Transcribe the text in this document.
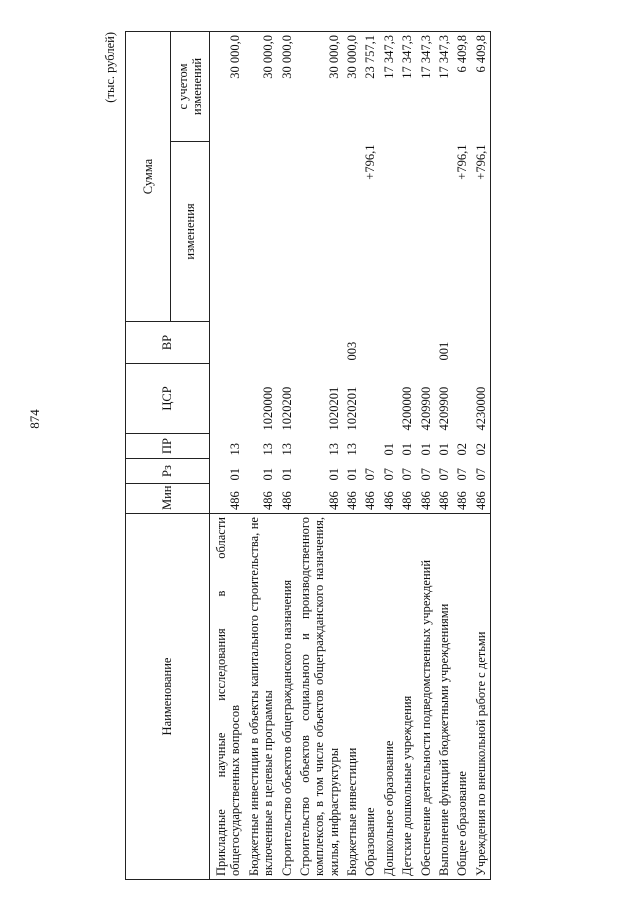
874
(тыс. рублей)
Наименование	Мин	Рз	ПР	ЦСР	ВР	Сумма	
						изменения	с учетом изменений
Прикладные научные исследования в области общегосударственных вопросов	486	01	13				30 000,0
Бюджетные инвестиции в объекты капитального строительства, не включенные в целевые программы	486	01	13	1020000			30 000,0
Строительство объектов общегражданского назначения	486	01	13	1020200			30 000,0
Строительство объектов социального и производственного комплексов, в том числе объектов общегражданского назначения, жилья, инфраструктуры	486	01	13	1020201			30 000,0
Бюджетные инвестиции	486	01	13	1020201	003		30 000,0
Образование	486	07				+796,1	23 757,1
Дошкольное образование	486	07	01				17 347,3
Детские дошкольные учреждения	486	07	01	4200000			17 347,3
Обеспечение деятельности подведомственных учреждений	486	07	01	4209900			17 347,3
Выполнение функций бюджетными учреждениями	486	07	01	4209900	001		17 347,3
Общее образование	486	07	02			+796,1	6 409,8
Учреждения по внешкольной работе с детьми	486	07	02	4230000		+796,1	6 409,8
